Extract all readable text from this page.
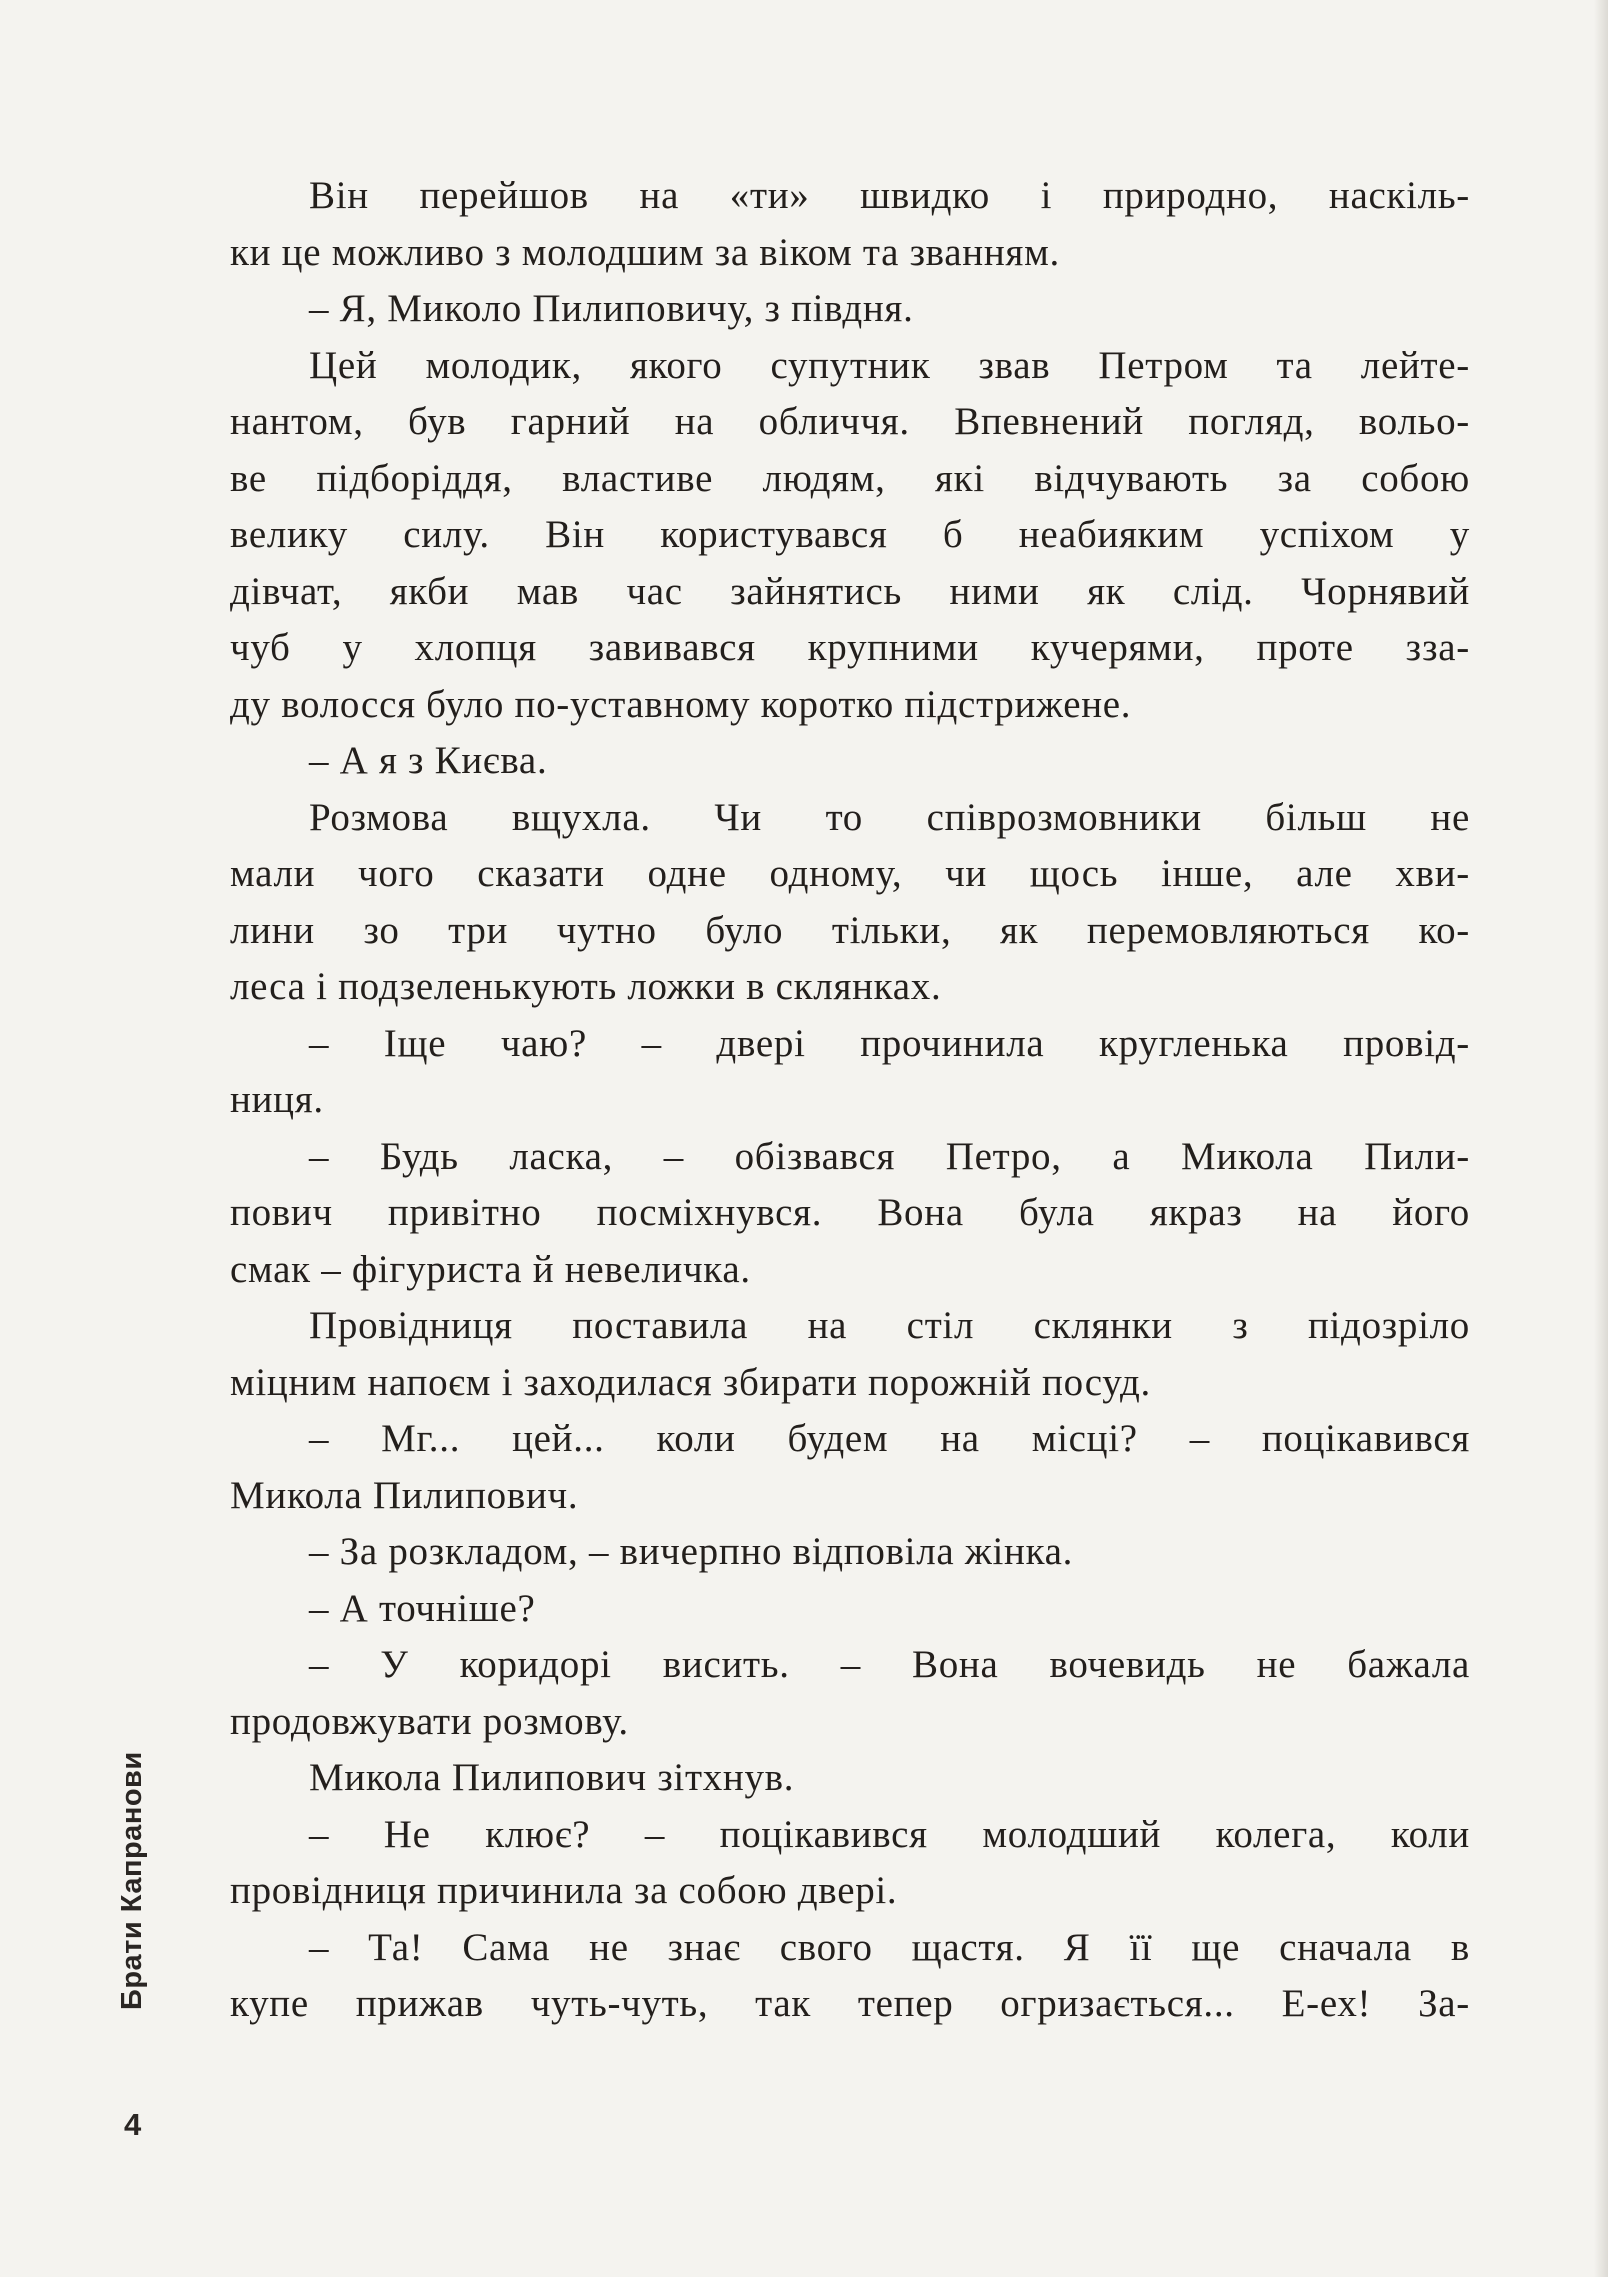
Він перейшов на «ти» швидко і природно, наскіль-
ки це можливо з молодшим за віком та званням.
– Я, Миколо Пилиповичу, з півдня.
Цей молодик, якого супутник звав Петром та лейте-
нантом, був гарний на обличчя. Впевнений погляд, вольо-
ве підборіддя, властиве людям, які відчувають за собою
велику силу. Він користувався б неабияким успіхом у
дівчат, якби мав час зайнятись ними як слід. Чорнявий
чуб у хлопця завивався крупними кучерями, проте зза-
ду волосся було по-уставному коротко підстрижене.
– А я з Києва.
Розмова вщухла. Чи то співрозмовники більш не
мали чого сказати одне одному, чи щось інше, але хви-
лини зо три чутно було тільки, як перемовляються ко-
леса і подзеленькують ложки в склянках.
– Іще чаю? – двері прочинила кругленька провід-
ниця.
– Будь ласка, – обізвався Петро, а Микола Пили-
пович привітно посміхнувся. Вона була якраз на його
смак – фігуриста й невеличка.
Провідниця поставила на стіл склянки з підозріло
міцним напоєм і заходилася збирати порожній посуд.
– Мг... цей... коли будем на місці? – поцікавився
Микола Пилипович.
– За розкладом, – вичерпно відповіла жінка.
– А точніше?
– У коридорі висить. – Вона вочевидь не бажала
продовжувати розмову.
Микола Пилипович зітхнув.
– Не клює? – поцікавився молодший колега, коли
провідниця причинила за собою двері.
– Та! Сама не знає свого щастя. Я її ще сначала в
купе прижав чуть-чуть, так тепер огризається... Е-ех! За-
Брати Капранови
4
